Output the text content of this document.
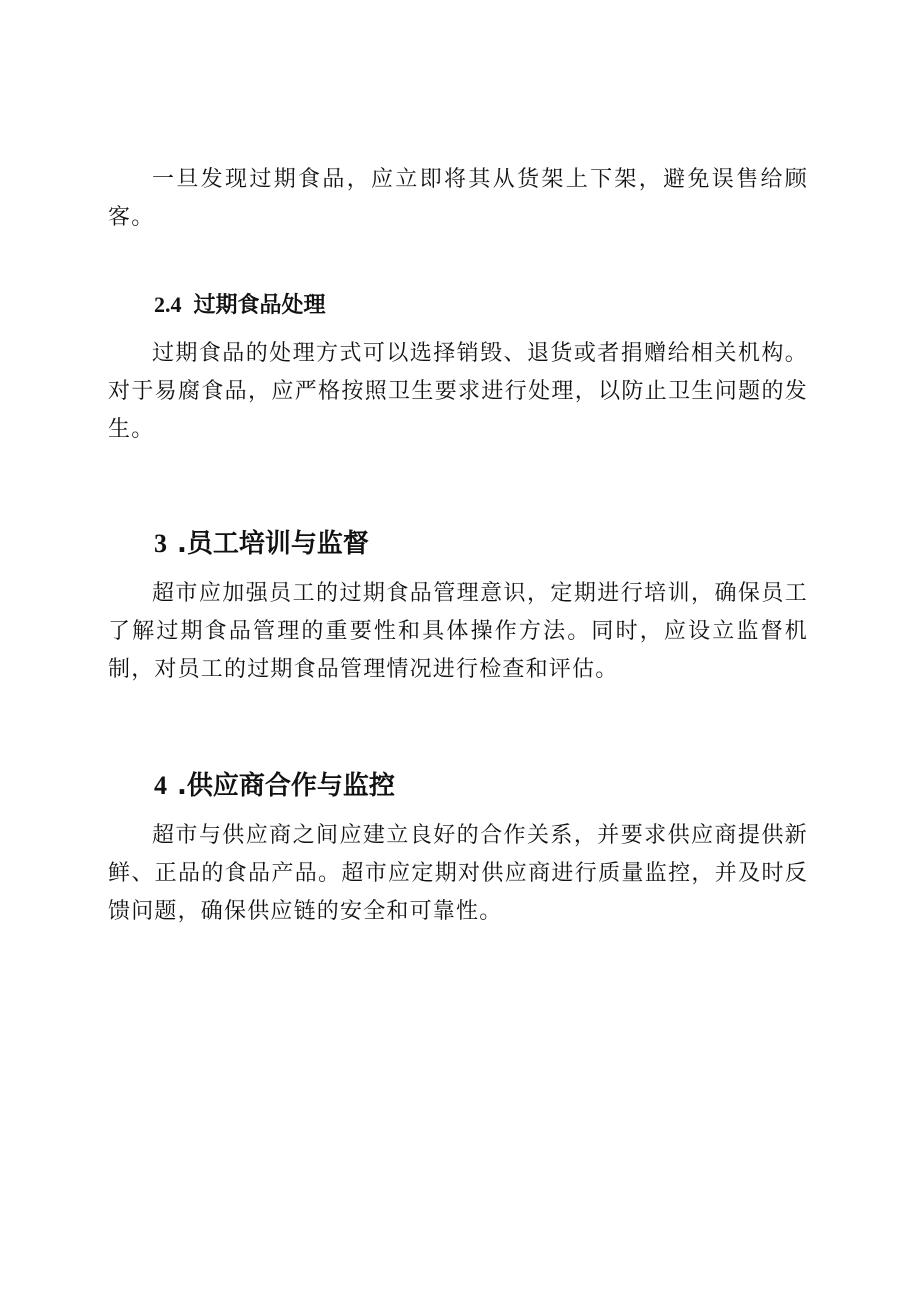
一旦发现过期食品，应立即将其从货架上下架，避免误售给顾客。

2.4 过期食品处理

过期食品的处理方式可以选择销毁、退货或者捐赠给相关机构。对于易腐食品，应严格按照卫生要求进行处理，以防止卫生问题的发生。

3 .员工培训与监督

超市应加强员工的过期食品管理意识，定期进行培训，确保员工了解过期食品管理的重要性和具体操作方法。同时，应设立监督机制，对员工的过期食品管理情况进行检查和评估。

4 .供应商合作与监控

超市与供应商之间应建立良好的合作关系，并要求供应商提供新鲜、正品的食品产品。超市应定期对供应商进行质量监控，并及时反馈问题，确保供应链的安全和可靠性。
